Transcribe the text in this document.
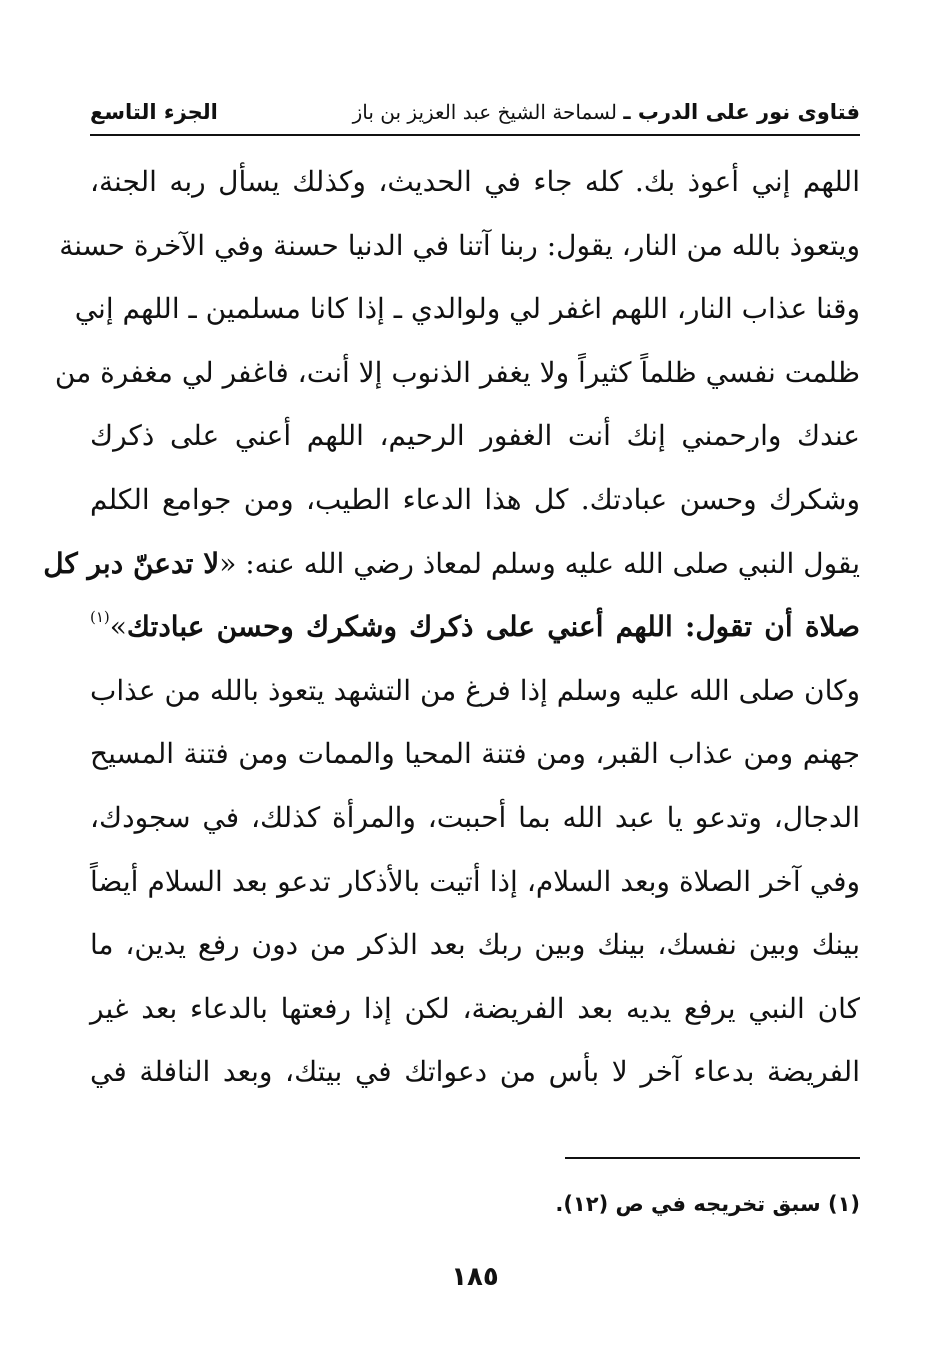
فتاوى نور على الدرب ـ لسماحة الشيخ عبد العزيز بن باز
الجزء التاسع
اللهم إني أعوذ بك. كله جاء في الحديث، وكذلك يسأل ربه الجنة،
ويتعوذ بالله من النار، يقول: ربنا آتنا في الدنيا حسنة وفي الآخرة حسنة
وقنا عذاب النار، اللهم اغفر لي ولوالدي ـ إذا كانا مسلمين ـ اللهم إني
ظلمت نفسي ظلماً كثيراً ولا يغفر الذنوب إلا أنت، فاغفر لي مغفرة من
عندك وارحمني إنك أنت الغفور الرحيم، اللهم أعني على ذكرك
وشكرك وحسن عبادتك. كل هذا الدعاء الطيب، ومن جوامع الكلم
يقول النبي صلى الله عليه وسلم لمعاذ رضي الله عنه: «لا تدعنّ دبر كل
صلاة أن تقول: اللهم أعني على ذكرك وشكرك وحسن عبادتك»$^{(١)}$
وكان صلى الله عليه وسلم إذا فرغ من التشهد يتعوذ بالله من عذاب
جهنم ومن عذاب القبر، ومن فتنة المحيا والممات ومن فتنة المسيح
الدجال، وتدعو يا عبد الله بما أحببت، والمرأة كذلك، في سجودك،
وفي آخر الصلاة وبعد السلام، إذا أتيت بالأذكار تدعو بعد السلام أيضاً
بينك وبين نفسك، بينك وبين ربك بعد الذكر من دون رفع يدين، ما
كان النبي يرفع يديه بعد الفريضة، لكن إذا رفعتها بالدعاء بعد غير
الفريضة بدعاء آخر لا بأس من دعواتك في بيتك، وبعد النافلة في
(١) سبق تخريجه في ص (١٢).
١٨٥
